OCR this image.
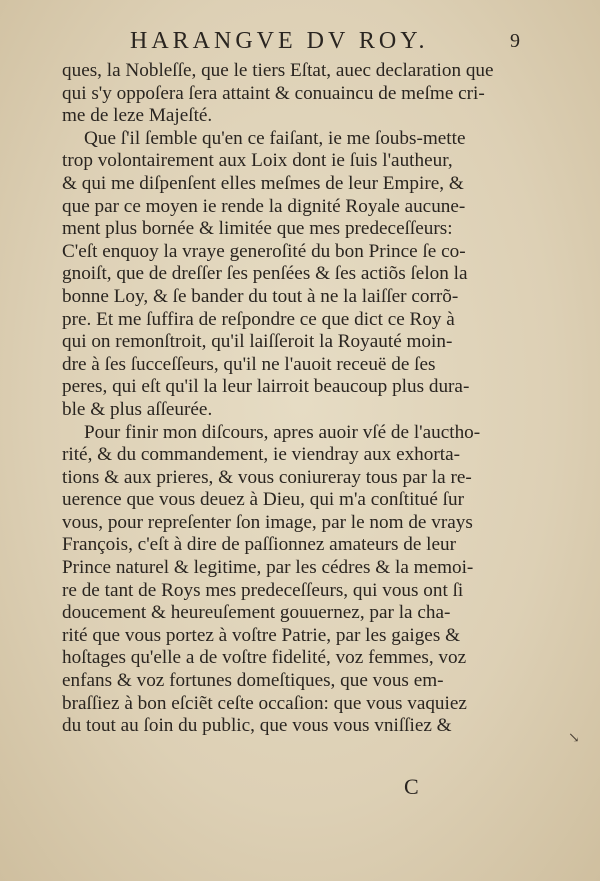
HARANGVE DV ROY.	9
ques, la Nobleſſe, que le tiers Eſtat, auec declaration que
qui s'y oppoſera ſera attaint & conuaincu de meſme cri-
me de leze Majeſté.
Que ſ'il ſemble qu'en ce faiſant, ie me ſoubs-mette
trop volontairement aux Loix dont ie ſuis l'autheur,
& qui me diſpenſent elles meſmes de leur Empire, &
que par ce moyen ie rende la dignité Royale aucune-
ment plus bornée & limitée que mes predeceſſeurs:
C'eſt enquoy la vraye generoſité du bon Prince ſe co-
gnoiſt, que de dreſſer ſes penſées & ſes actiõs ſelon la
bonne Loy, & ſe bander du tout à ne la laiſſer corrõ-
pre. Et me ſuffira de reſpondre ce que dict ce Roy à
qui on remonſtroit, qu'il laiſſeroit la Royauté moin-
dre à ſes ſucceſſeurs, qu'il ne l'auoit receuë de ſes
peres, qui eſt qu'il la leur lairroit beaucoup plus dura-
ble & plus aſſeurée.
Pour finir mon diſcours, apres auoir vſé de l'auctho-
rité, & du commandement, ie viendray aux exhorta-
tions & aux prieres, & vous coniureray tous par la re-
uerence que vous deuez à Dieu, qui m'a conſtitué ſur
vous, pour repreſenter ſon image, par le nom de vrays
François, c'eſt à dire de paſſionnez amateurs de leur
Prince naturel & legitime, par les cédres & la memoi-
re de tant de Roys mes predeceſſeurs, qui vous ont ſi
doucement & heureuſement gouuernez, par la cha-
rité que vous portez à voſtre Patrie, par les gaiges &
hoſtages qu'elle a de voſtre fidelité, voz femmes, voz
enfans & voz fortunes domeſtiques, que vous em-
braſſiez à bon eſciẽt ceſte occaſion: que vous vaquiez
du tout au ſoin du public, que vous vous vniſſiez &
C
↘
